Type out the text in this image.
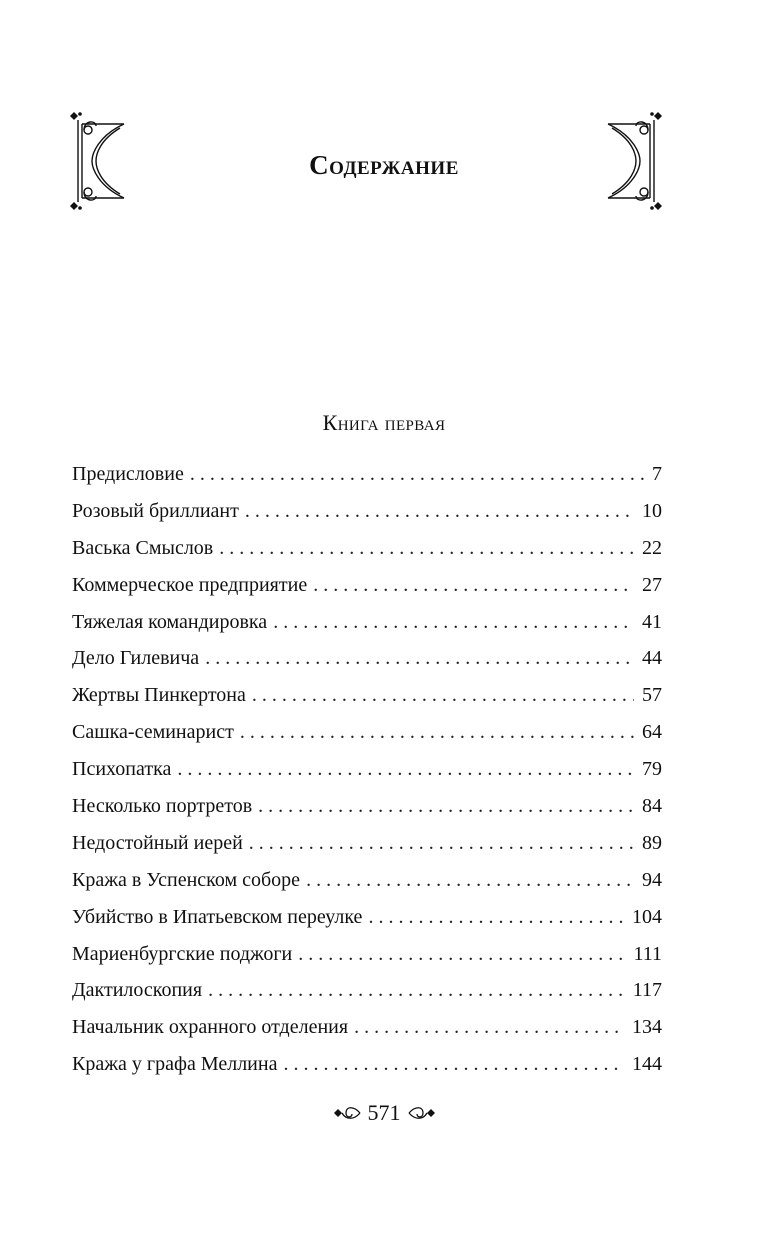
Содержание
Книга первая
Предисловие . . .	7
Розовый бриллиант . . .	10
Васька Смыслов . . .	22
Коммерческое предприятие . . .	27
Тяжелая командировка . . .	41
Дело Гилевича . . .	44
Жертвы Пинкертона . . .	57
Сашка-семинарист . . .	64
Психопатка . . .	79
Несколько портретов . . .	84
Недостойный иерей . . .	89
Кража в Успенском соборе . . .	94
Убийство в Ипатьевском переулке . . .	104
Мариенбургские поджоги . . .	111
Дактилоскопия . . .	117
Начальник охранного отделения . . .	134
Кража у графа Меллина . . .	144
571
